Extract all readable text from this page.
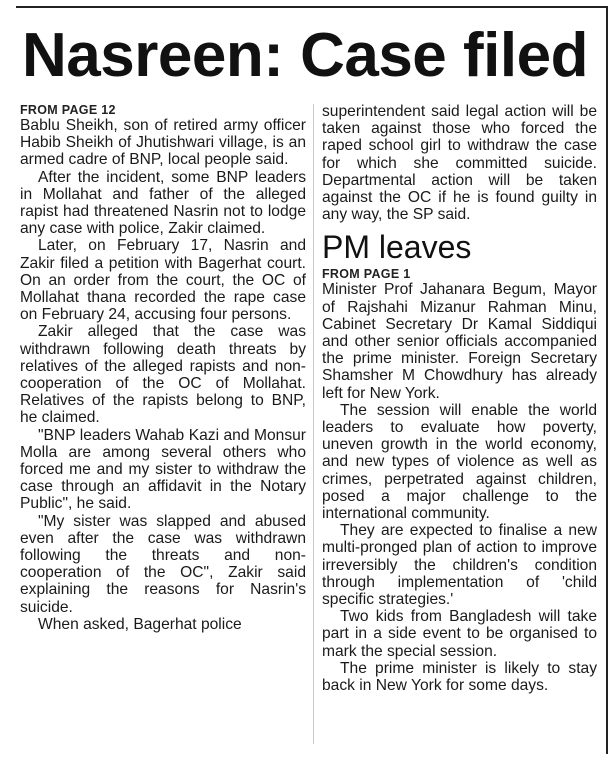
Nasreen: Case filed

FROM PAGE 12

Bablu Sheikh, son of retired army officer Habib Sheikh of Jhutishwari village, is an armed cadre of BNP, local people said.

After the incident, some BNP leaders in Mollahat and father of the alleged rapist had threatened Nasrin not to lodge any case with police, Zakir claimed.

Later, on February 17, Nasrin and Zakir filed a petition with Bagerhat court. On an order from the court, the OC of Mollahat thana recorded the rape case on February 24, accusing four persons.

Zakir alleged that the case was withdrawn following death threats by relatives of the alleged rapists and non-cooperation of the OC of Mollahat. Relatives of the rapists belong to BNP, he claimed.

"BNP leaders Wahab Kazi and Monsur Molla are among several others who forced me and my sister to withdraw the case through an affidavit in the Notary Public", he said.

"My sister was slapped and abused even after the case was withdrawn following the threats and non- cooperation of the OC", Zakir said explaining the reasons for Nasrin's suicide.

When asked, Bagerhat police

superintendent said legal action will be taken against those who forced the raped school girl to withdraw the case for which she committed suicide. Departmental action will be taken against the OC if he is found guilty in any way, the SP said.

PM leaves

FROM PAGE 1

Minister Prof Jahanara Begum, Mayor of Rajshahi Mizanur Rahman Minu, Cabinet Secretary Dr Kamal Siddiqui and other senior officials accompanied the prime minister. Foreign Secretary Shamsher M Chowdhury has already left for New York.

The session will enable the world leaders to evaluate how poverty, uneven growth in the world economy, and new types of violence as well as crimes, perpetrated against children, posed a major challenge to the international community.

They are expected to finalise a new multi-pronged plan of action to improve irreversibly the children's condition through implementation of 'child specific strategies.'

Two kids from Bangladesh will take part in a side event to be organised to mark the special session.

The prime minister is likely to stay back in New York for some days.
